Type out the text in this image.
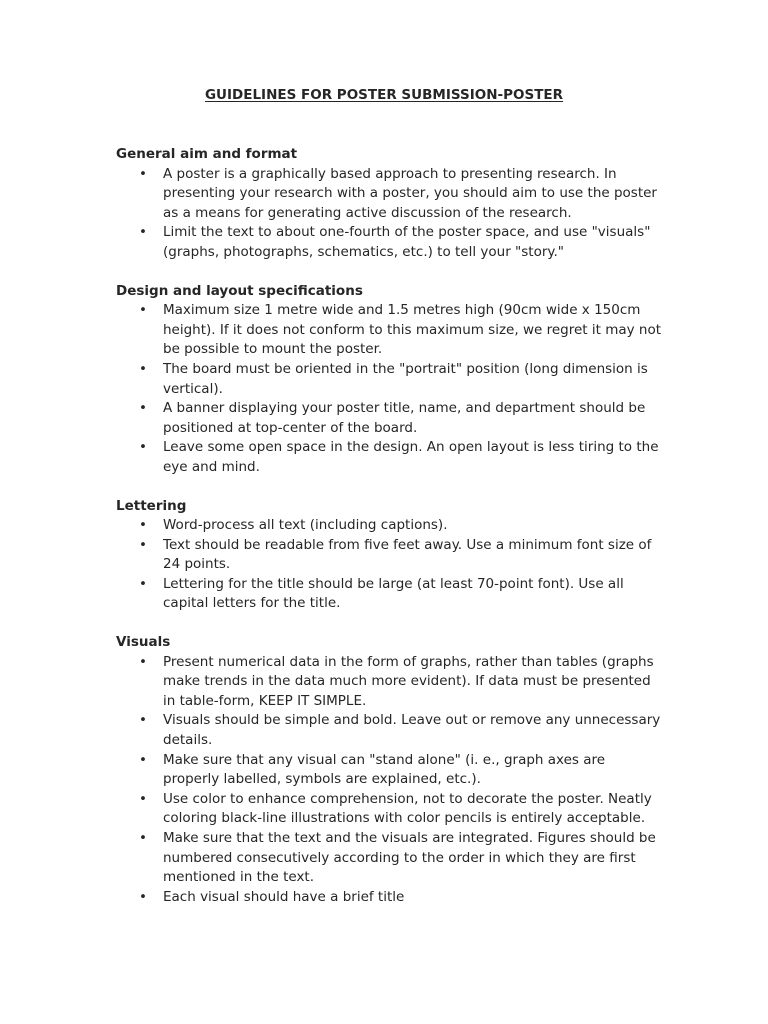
GUIDELINES FOR POSTER SUBMISSION-POSTER

General aim and format

• A poster is a graphically based approach to presenting research. In presenting your research with a poster, you should aim to use the poster as a means for generating active discussion of the research.
• Limit the text to about one-fourth of the poster space, and use "visuals" (graphs, photographs, schematics, etc.) to tell your "story."

Design and layout specifications

• Maximum size 1 metre wide and 1.5 metres high (90cm wide x 150cm height). If it does not conform to this maximum size, we regret it may not be possible to mount the poster.
• The board must be oriented in the "portrait" position (long dimension is vertical).
• A banner displaying your poster title, name, and department should be positioned at top-center of the board.
• Leave some open space in the design. An open layout is less tiring to the eye and mind.

Lettering

• Word-process all text (including captions).
• Text should be readable from five feet away. Use a minimum font size of 24 points.
• Lettering for the title should be large (at least 70-point font). Use all capital letters for the title.

Visuals

• Present numerical data in the form of graphs, rather than tables (graphs make trends in the data much more evident). If data must be presented in table-form, KEEP IT SIMPLE.
• Visuals should be simple and bold. Leave out or remove any unnecessary details.
• Make sure that any visual can "stand alone" (i. e., graph axes are properly labelled, symbols are explained, etc.).
• Use color to enhance comprehension, not to decorate the poster. Neatly coloring black-line illustrations with color pencils is entirely acceptable.
• Make sure that the text and the visuals are integrated. Figures should be numbered consecutively according to the order in which they are first mentioned in the text.
• Each visual should have a brief title
